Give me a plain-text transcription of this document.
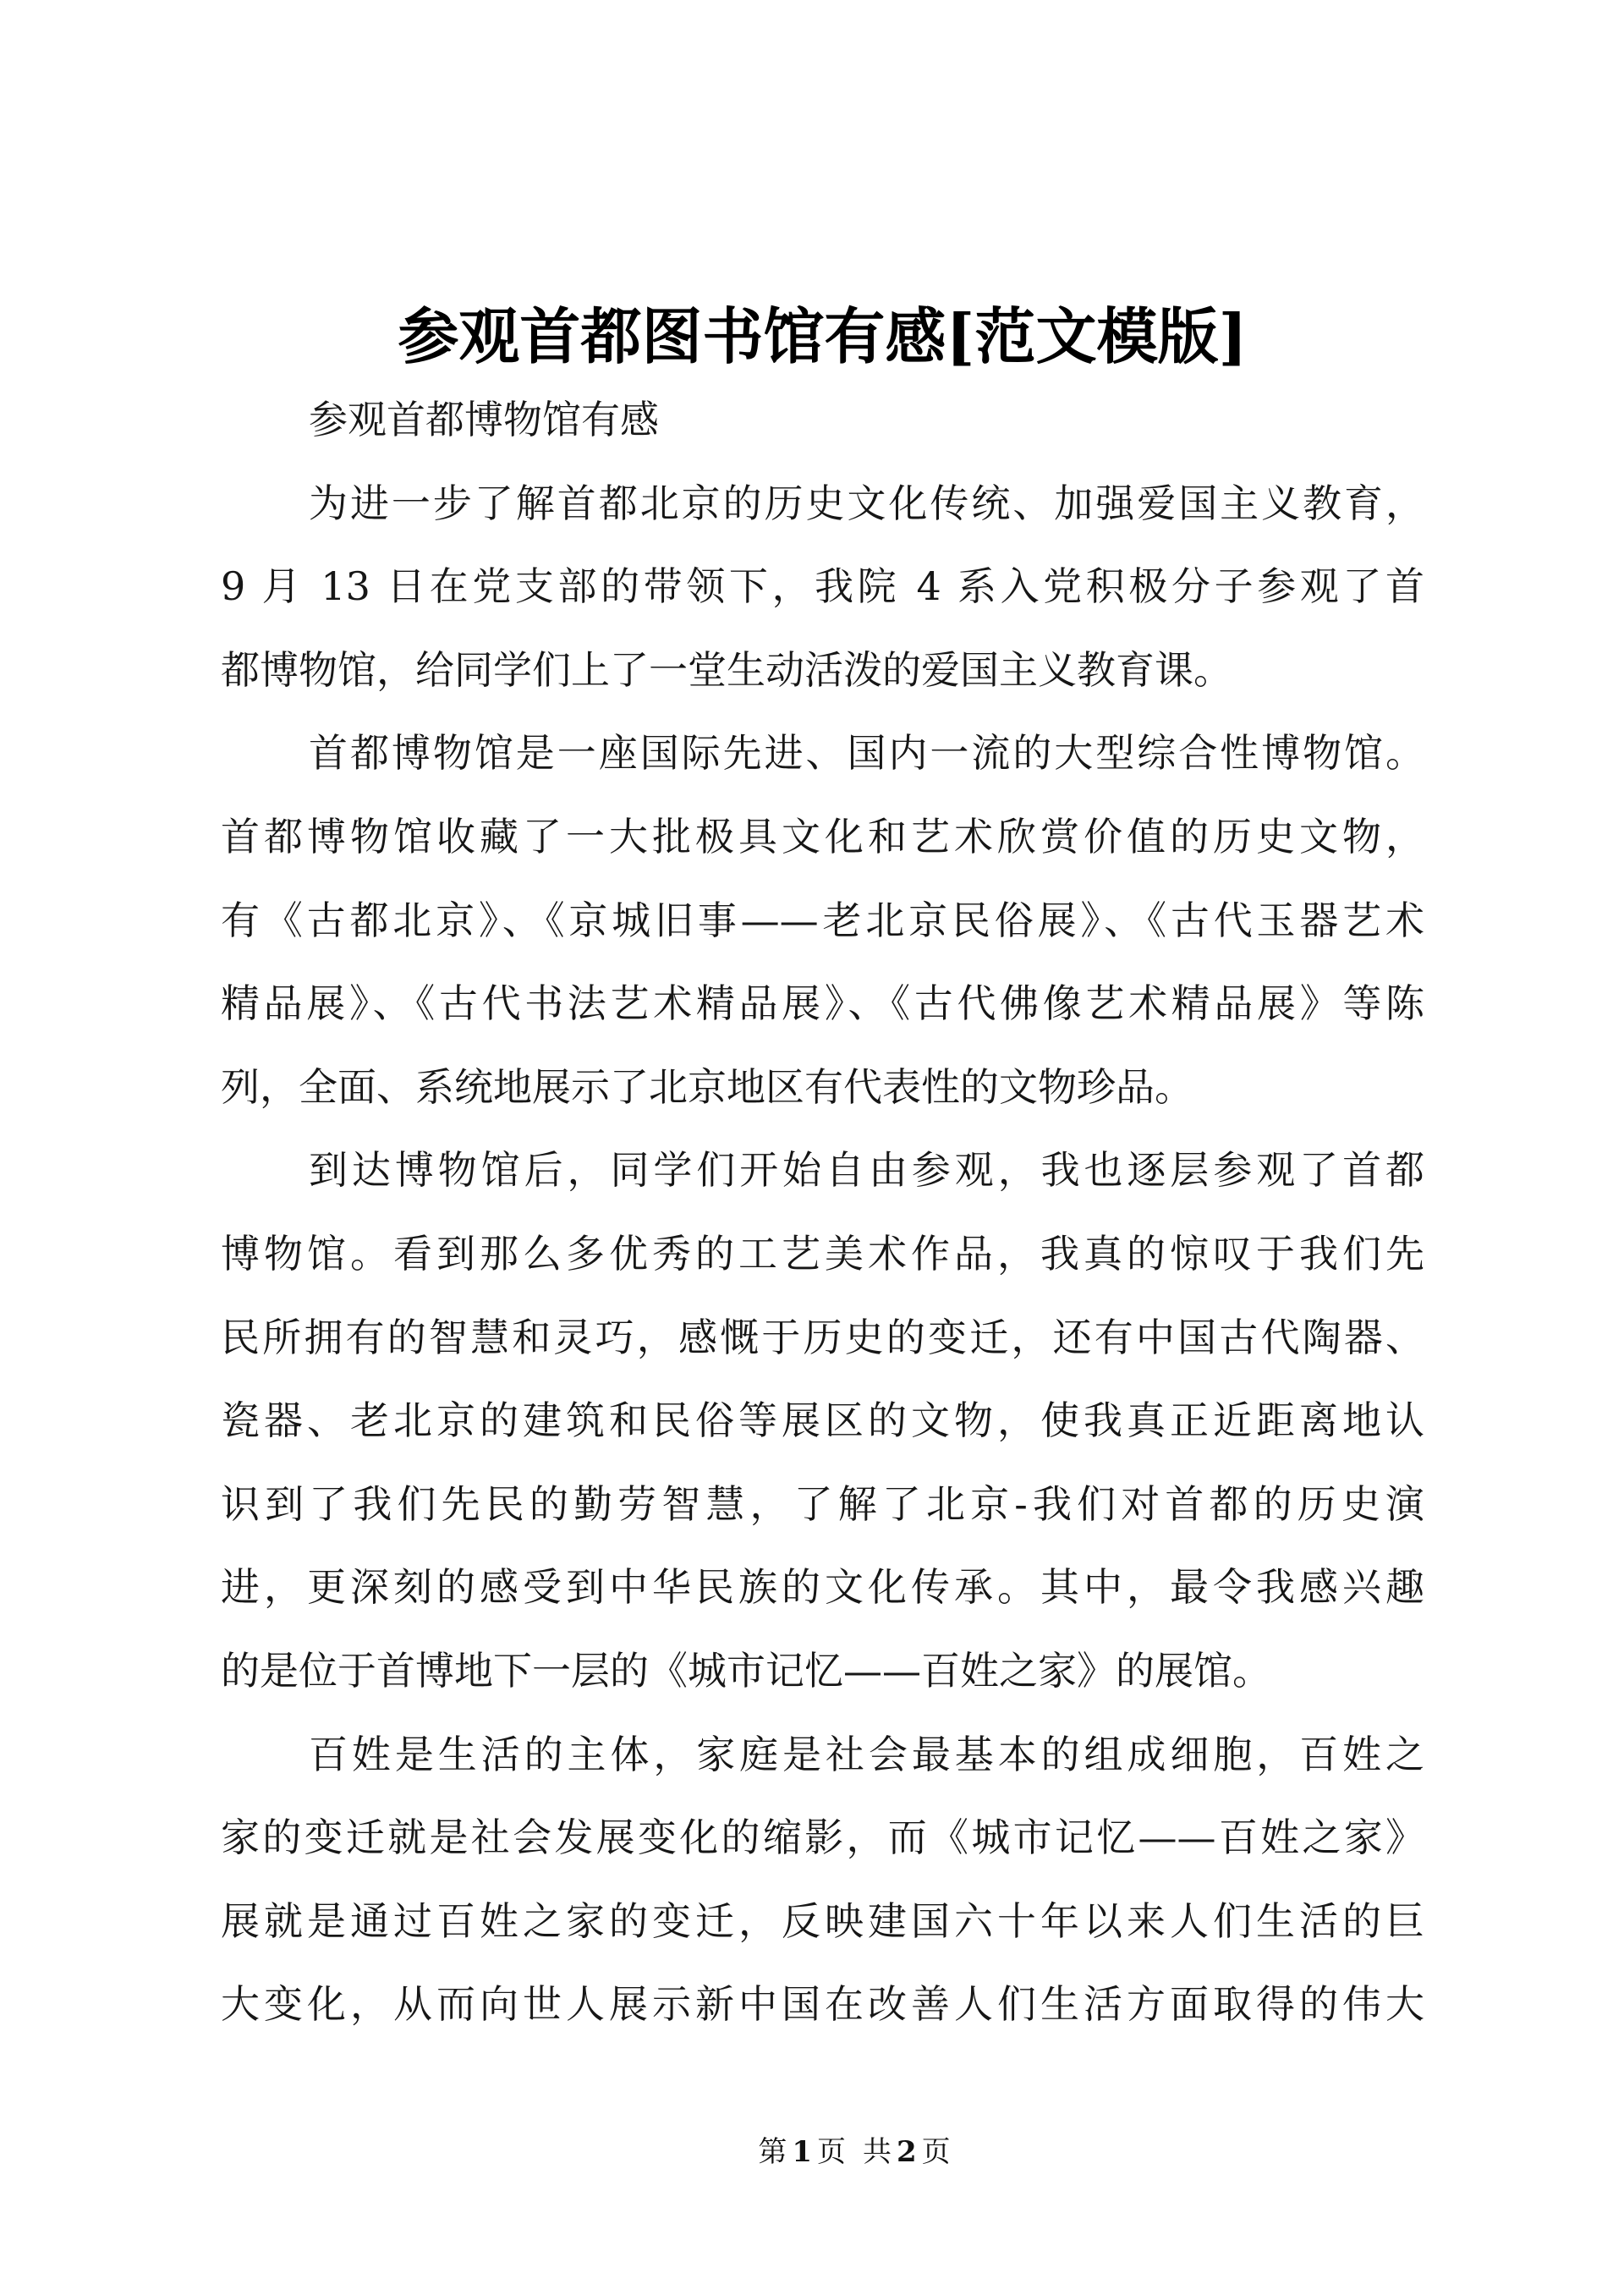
参观首都图书馆有感[范文模版]
参观首都博物馆有感
为进一步了解首都北京的历史文化传统、加强爱国主义教育，
9 月 13 日在党支部的带领下，我院 4 系入党积极分子参观了首
都博物馆，给同学们上了一堂生动活泼的爱国主义教育课。
首都博物馆是一座国际先进、国内一流的大型综合性博物馆。
首都博物馆收藏了一大批极具文化和艺术欣赏价值的历史文物，
有《古都北京》、《京城旧事——老北京民俗展》、《古代玉器艺术
精品展》、《古代书法艺术精品展》、《古代佛像艺术精品展》等陈
列，全面、系统地展示了北京地区有代表性的文物珍品。
到达博物馆后，同学们开始自由参观，我也逐层参观了首都
博物馆。看到那么多优秀的工艺美术作品，我真的惊叹于我们先
民所拥有的智慧和灵巧，感慨于历史的变迁，还有中国古代陶器、
瓷器、老北京的建筑和民俗等展区的文物，使我真正近距离地认
识到了我们先民的勤劳智慧，了解了北京-我们对首都的历史演
进，更深刻的感受到中华民族的文化传承。其中，最令我感兴趣
的是位于首博地下一层的《城市记忆——百姓之家》的展馆。
百姓是生活的主体，家庭是社会最基本的组成细胞，百姓之
家的变迁就是社会发展变化的缩影，而《城市记忆——百姓之家》
展就是通过百姓之家的变迁，反映建国六十年以来人们生活的巨
大变化，从而向世人展示新中国在改善人们生活方面取得的伟大
第 1 页 共 2 页
